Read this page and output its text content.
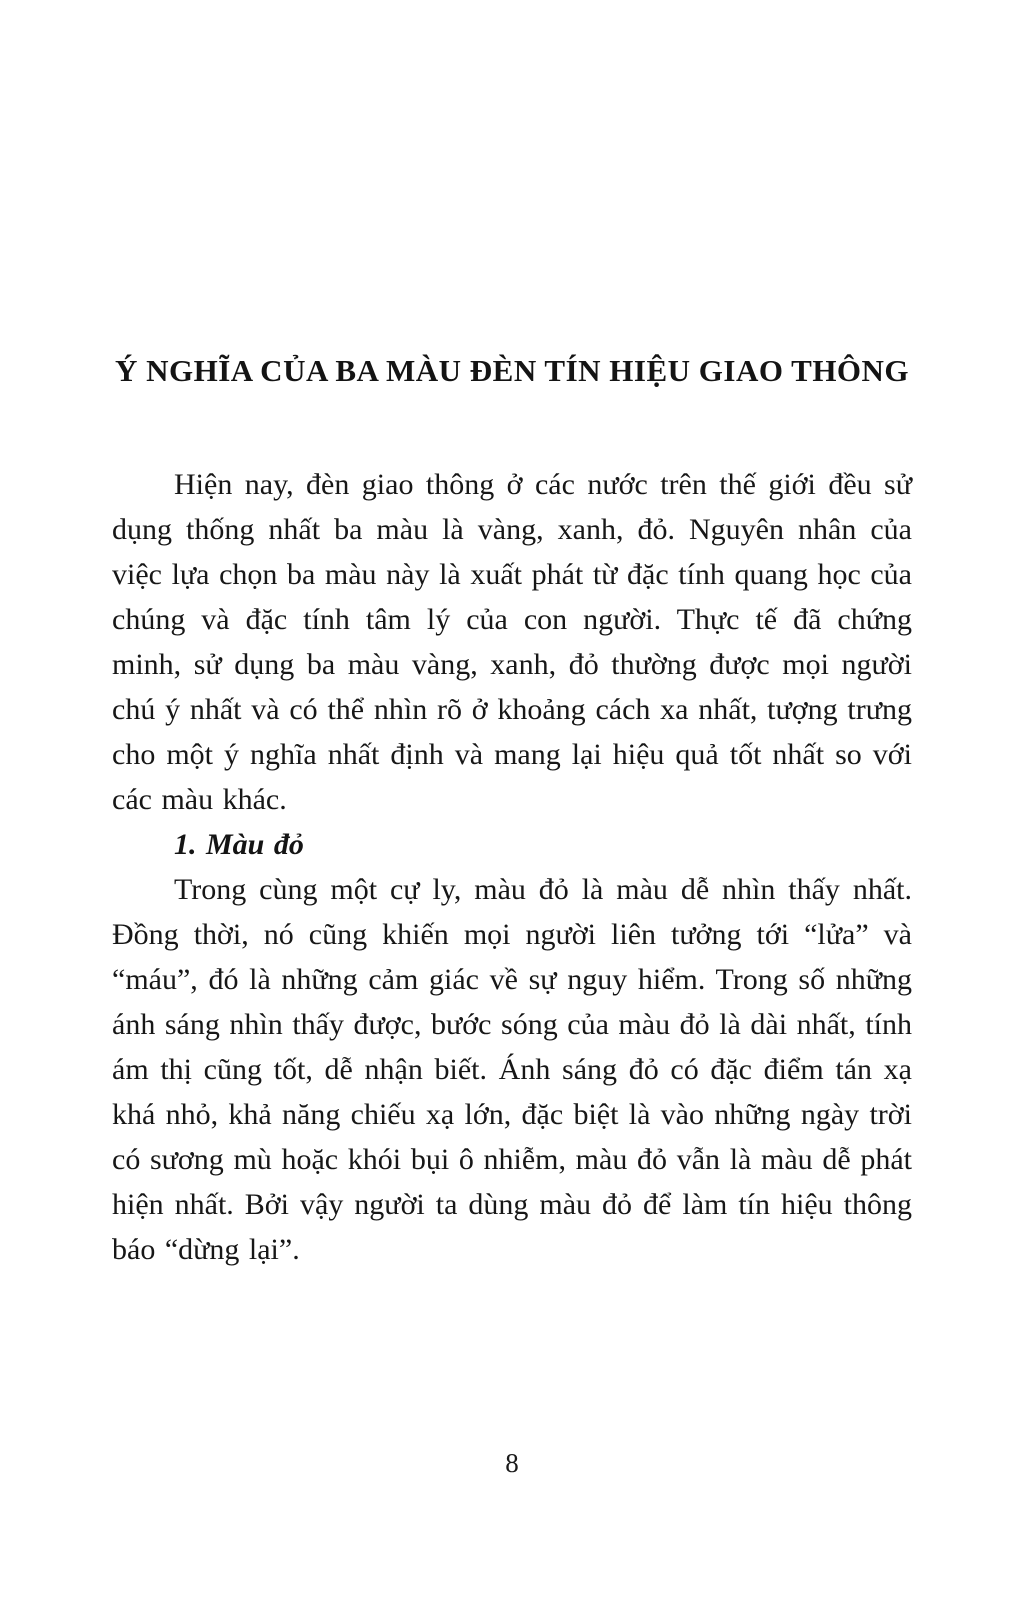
Ý NGHĨA CỦA BA MÀU ĐÈN TÍN HIỆU GIAO THÔNG

Hiện nay, đèn giao thông ở các nước trên thế giới đều sử dụng thống nhất ba màu là vàng, xanh, đỏ. Nguyên nhân của việc lựa chọn ba màu này là xuất phát từ đặc tính quang học của chúng và đặc tính tâm lý của con người. Thực tế đã chứng minh, sử dụng ba màu vàng, xanh, đỏ thường được mọi người chú ý nhất và có thể nhìn rõ ở khoảng cách xa nhất, tượng trưng cho một ý nghĩa nhất định và mang lại hiệu quả tốt nhất so với các màu khác.

1. Màu đỏ

Trong cùng một cự ly, màu đỏ là màu dễ nhìn thấy nhất. Đồng thời, nó cũng khiến mọi người liên tưởng tới “lửa” và “máu”, đó là những cảm giác về sự nguy hiểm. Trong số những ánh sáng nhìn thấy được, bước sóng của màu đỏ là dài nhất, tính ám thị cũng tốt, dễ nhận biết. Ánh sáng đỏ có đặc điểm tán xạ khá nhỏ, khả năng chiếu xạ lớn, đặc biệt là vào những ngày trời có sương mù hoặc khói bụi ô nhiễm, màu đỏ vẫn là màu dễ phát hiện nhất. Bởi vậy người ta dùng màu đỏ để làm tín hiệu thông báo “dừng lại”.

8
